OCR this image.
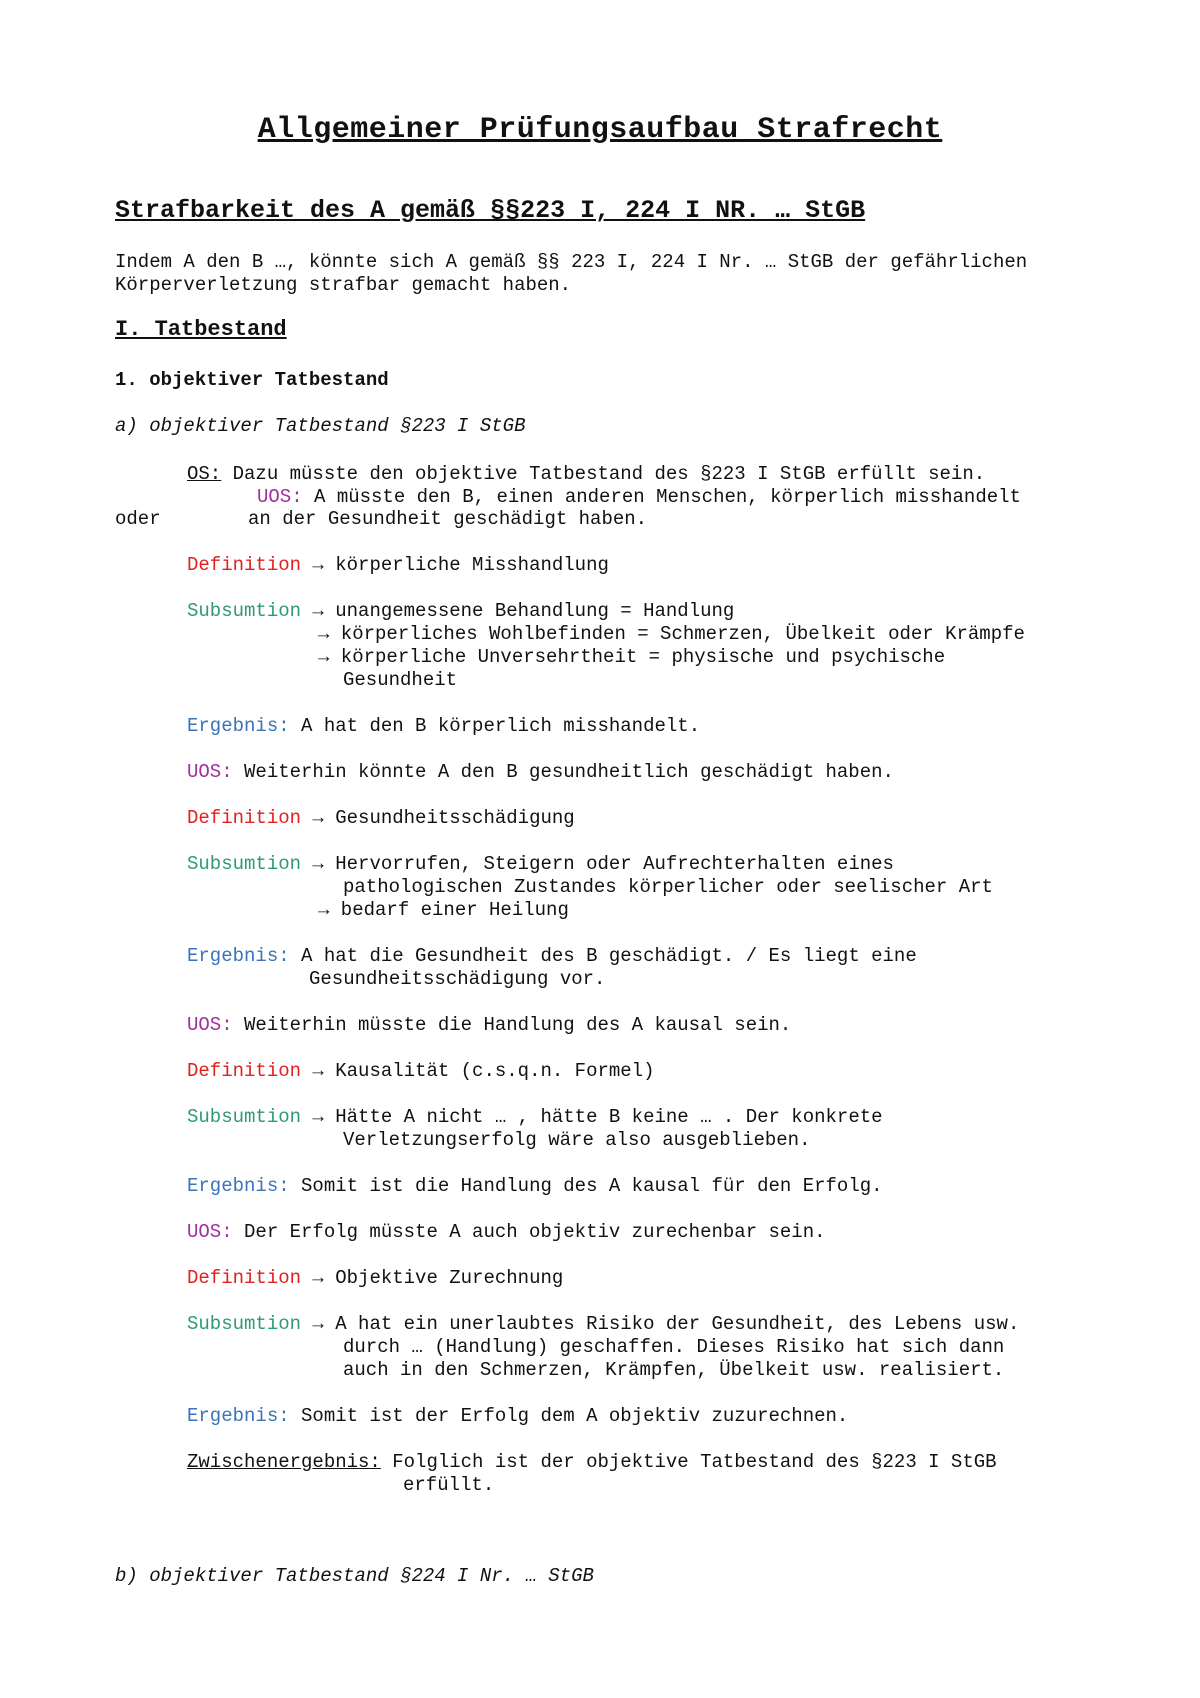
Allgemeiner Prüfungsaufbau Strafrecht
Strafbarkeit des A gemäß §§223 I, 224 I NR. … StGB
Indem A den B …, könnte sich A gemäß §§ 223 I, 224 I Nr. … StGB der gefährlichen
Körperverletzung strafbar gemacht haben.
I. Tatbestand
1. objektiver Tatbestand
a) objektiver Tatbestand §223 I StGB
OS: Dazu müsste den objektive Tatbestand des §223 I StGB erfüllt sein.
UOS: A müsste den B, einen anderen Menschen, körperlich misshandelt
oder	an der Gesundheit geschädigt haben.
Definition → körperliche Misshandlung
Subsumtion → unangemessene Behandlung = Handlung
→ körperliches Wohlbefinden = Schmerzen, Übelkeit oder Krämpfe
→ körperliche Unversehrtheit = physische und psychische
Gesundheit
Ergebnis: A hat den B körperlich misshandelt.
UOS: Weiterhin könnte A den B gesundheitlich geschädigt haben.
Definition → Gesundheitsschädigung
Subsumtion → Hervorrufen, Steigern oder Aufrechterhalten eines
pathologischen Zustandes körperlicher oder seelischer Art
→ bedarf einer Heilung
Ergebnis: A hat die Gesundheit des B geschädigt. / Es liegt eine
Gesundheitsschädigung vor.
UOS: Weiterhin müsste die Handlung des A kausal sein.
Definition → Kausalität (c.s.q.n. Formel)
Subsumtion → Hätte A nicht … , hätte B keine … . Der konkrete
Verletzungserfolg wäre also ausgeblieben.
Ergebnis: Somit ist die Handlung des A kausal für den Erfolg.
UOS: Der Erfolg müsste A auch objektiv zurechenbar sein.
Definition → Objektive Zurechnung
Subsumtion → A hat ein unerlaubtes Risiko der Gesundheit, des Lebens usw.
durch … (Handlung) geschaffen. Dieses Risiko hat sich dann
auch in den Schmerzen, Krämpfen, Übelkeit usw. realisiert.
Ergebnis: Somit ist der Erfolg dem A objektiv zuzurechnen.
Zwischenergebnis: Folglich ist der objektive Tatbestand des §223 I StGB
erfüllt.
b) objektiver Tatbestand §224 I Nr. … StGB
